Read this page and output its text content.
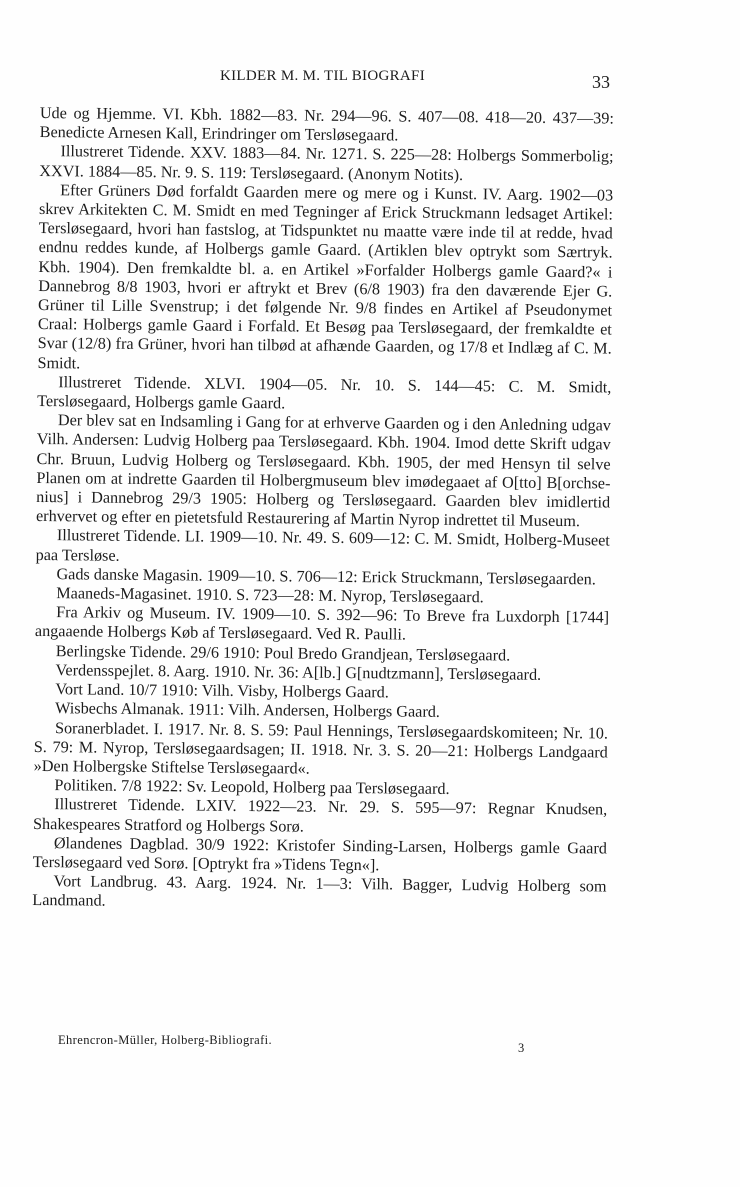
KILDER M. M. TIL BIOGRAFI	33

Ude og Hjemme. VI. Kbh. 1882—83. Nr. 294—96. S. 407—08. 418—20. 437—39: Benedicte Arnesen Kall, Erindringer om Tersløsegaard.

Illustreret Tidende. XXV. 1883—84. Nr. 1271. S. 225—28: Holbergs Sommerbolig; XXVI. 1884—85. Nr. 9. S. 119: Tersløsegaard. (Anonym Notits).

Efter Grüners Død forfaldt Gaarden mere og mere og i Kunst. IV. Aarg. 1902—03 skrev Arkitekten C. M. Smidt en med Tegninger af Erick Struckmann ledsaget Artikel: Tersløsegaard, hvori han fastslog, at Tidspunktet nu maatte være inde til at redde, hvad endnu reddes kunde, af Holbergs gamle Gaard. (Artiklen blev optrykt som Særtryk. Kbh. 1904). Den fremkaldte bl. a. en Artikel »Forfalder Holbergs gamle Gaard?« i Dannebrog 8/8 1903, hvori er aftrykt et Brev (6/8 1903) fra den daværende Ejer G. Grüner til Lille Svenstrup; i det følgende Nr. 9/8 findes en Artikel af Pseudonymet Craal: Holbergs gamle Gaard i Forfald. Et Besøg paa Tersløsegaard, der fremkaldte et Svar (12/8) fra Grüner, hvori han tilbød at afhænde Gaarden, og 17/8 et Indlæg af C. M. Smidt.

Illustreret Tidende. XLVI. 1904—05. Nr. 10. S. 144—45: C. M. Smidt, Tersløsegaard, Holbergs gamle Gaard.

Der blev sat en Indsamling i Gang for at erhverve Gaarden og i den Anledning udgav Vilh. Andersen: Ludvig Holberg paa Tersløsegaard. Kbh. 1904. Imod dette Skrift udgav Chr. Bruun, Ludvig Holberg og Tersløsegaard. Kbh. 1905, der med Hensyn til selve Planen om at indrette Gaarden til Holbergmuseum blev imødegaaet af O[tto] B[orchsenius] i Dannebrog 29/3 1905: Holberg og Tersløsegaard. Gaarden blev imidlertid erhvervet og efter en pietetsfuld Restaurering af Martin Nyrop indrettet til Museum.

Illustreret Tidende. LI. 1909—10. Nr. 49. S. 609—12: C. M. Smidt, Holberg-Museet paa Tersløse.

Gads danske Magasin. 1909—10. S. 706—12: Erick Struckmann, Tersløsegaarden.

Maaneds-Magasinet. 1910. S. 723—28: M. Nyrop, Tersløsegaard.

Fra Arkiv og Museum. IV. 1909—10. S. 392—96: To Breve fra Luxdorph [1744] angaaende Holbergs Køb af Tersløsegaard. Ved R. Paulli.

Berlingske Tidende. 29/6 1910: Poul Bredo Grandjean, Tersløsegaard.

Verdensspejlet. 8. Aarg. 1910. Nr. 36: A[lb.] G[nudtzmann], Tersløsegaard.

Vort Land. 10/7 1910: Vilh. Visby, Holbergs Gaard.

Wisbechs Almanak. 1911: Vilh. Andersen, Holbergs Gaard.

Soranerbladet. I. 1917. Nr. 8. S. 59: Paul Hennings, Tersløsegaardskomiteen; Nr. 10. S. 79: M. Nyrop, Tersløsegaardsagen; II. 1918. Nr. 3. S. 20—21: Holbergs Landgaard »Den Holbergske Stiftelse Tersløsegaard«.

Politiken. 7/8 1922: Sv. Leopold, Holberg paa Tersløsegaard.

Illustreret Tidende. LXIV. 1922—23. Nr. 29. S. 595—97: Regnar Knudsen, Shakespeares Stratford og Holbergs Sorø.

Ølandenes Dagblad. 30/9 1922: Kristofer Sinding-Larsen, Holbergs gamle Gaard Tersløsegaard ved Sorø. [Optrykt fra »Tidens Tegn«].

Vort Landbrug. 43. Aarg. 1924. Nr. 1—3: Vilh. Bagger, Ludvig Holberg som Landmand.

Ehrencron-Müller, Holberg-Bibliografi.
3
